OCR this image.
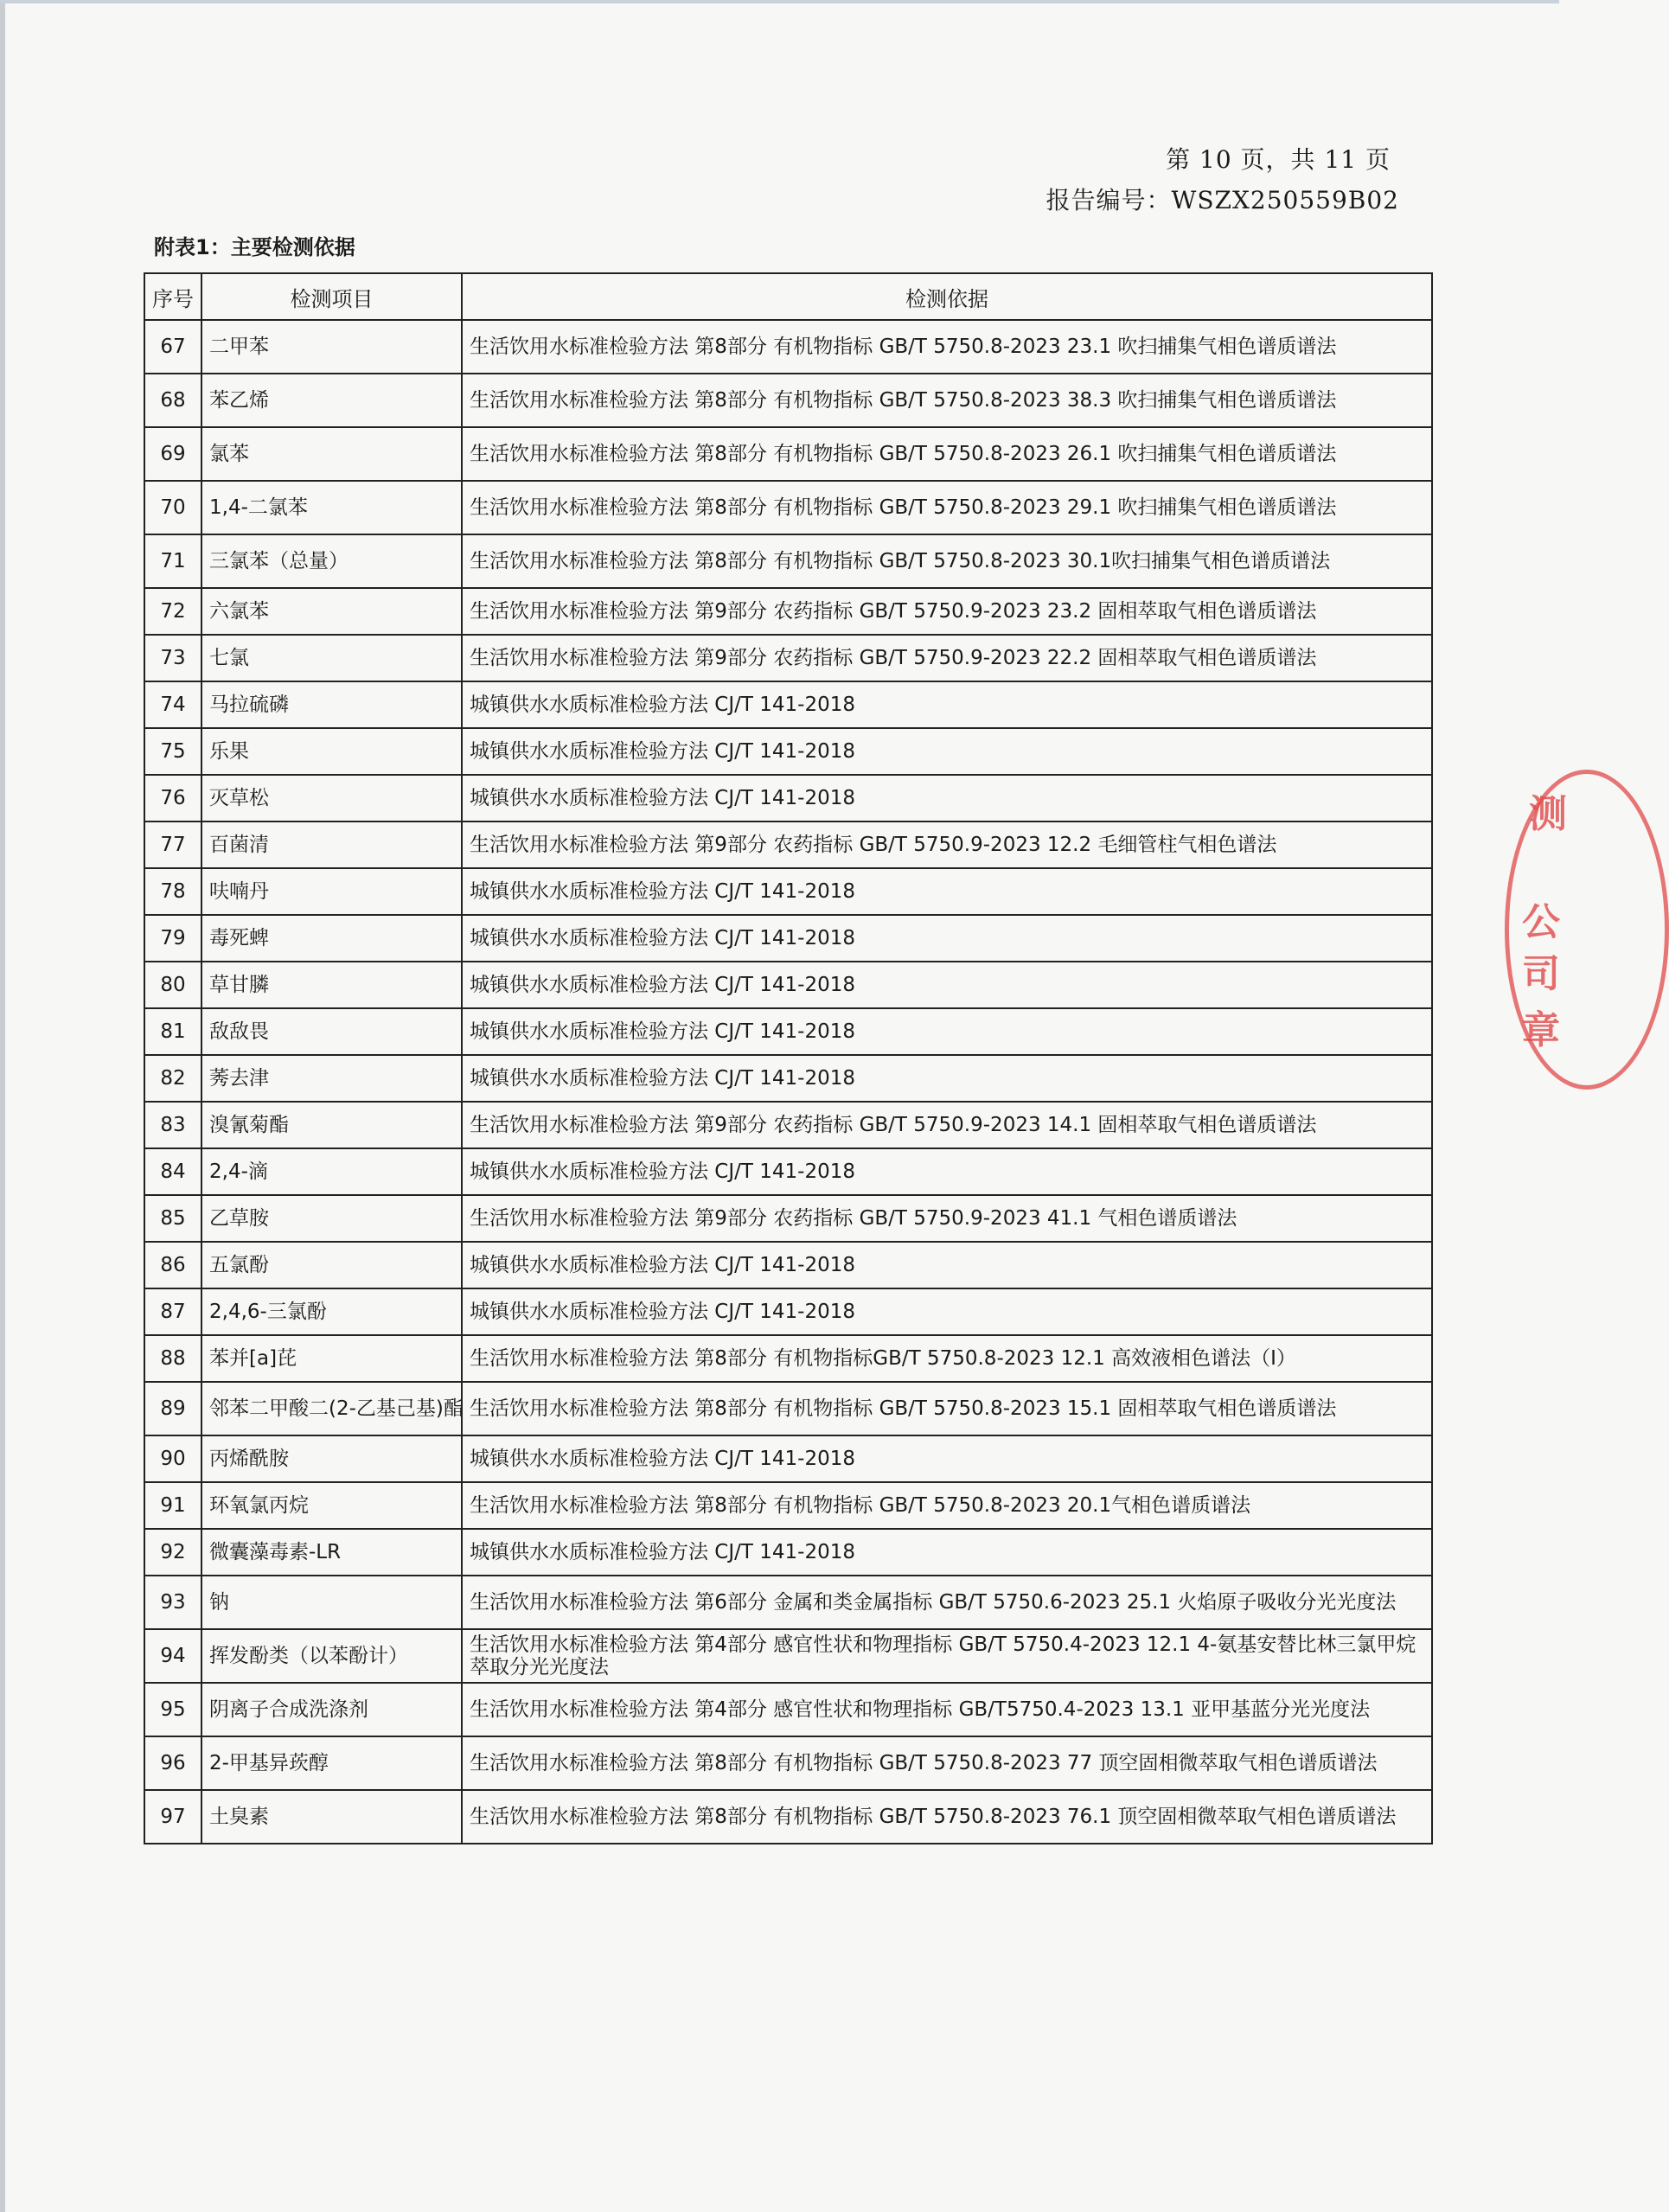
第 10 页，共 11 页
报告编号：WSZX250559B02
附表1：主要检测依据
序号	检测项目	检测依据
67	二甲苯	生活饮用水标准检验方法 第8部分 有机物指标 GB/T 5750.8-2023 23.1 吹扫捕集气相色谱质谱法
68	苯乙烯	生活饮用水标准检验方法 第8部分 有机物指标 GB/T 5750.8-2023 38.3 吹扫捕集气相色谱质谱法
69	氯苯	生活饮用水标准检验方法 第8部分 有机物指标 GB/T 5750.8-2023 26.1 吹扫捕集气相色谱质谱法
70	1,4-二氯苯	生活饮用水标准检验方法 第8部分 有机物指标 GB/T 5750.8-2023 29.1 吹扫捕集气相色谱质谱法
71	三氯苯（总量）	生活饮用水标准检验方法 第8部分 有机物指标 GB/T 5750.8-2023 30.1吹扫捕集气相色谱质谱法
72	六氯苯	生活饮用水标准检验方法 第9部分 农药指标 GB/T 5750.9-2023 23.2 固相萃取气相色谱质谱法
73	七氯	生活饮用水标准检验方法 第9部分 农药指标 GB/T 5750.9-2023 22.2 固相萃取气相色谱质谱法
74	马拉硫磷	城镇供水水质标准检验方法 CJ/T 141-2018
75	乐果	城镇供水水质标准检验方法 CJ/T 141-2018
76	灭草松	城镇供水水质标准检验方法 CJ/T 141-2018
77	百菌清	生活饮用水标准检验方法 第9部分 农药指标 GB/T 5750.9-2023 12.2 毛细管柱气相色谱法
78	呋喃丹	城镇供水水质标准检验方法 CJ/T 141-2018
79	毒死蜱	城镇供水水质标准检验方法 CJ/T 141-2018
80	草甘膦	城镇供水水质标准检验方法 CJ/T 141-2018
81	敌敌畏	城镇供水水质标准检验方法 CJ/T 141-2018
82	莠去津	城镇供水水质标准检验方法 CJ/T 141-2018
83	溴氰菊酯	生活饮用水标准检验方法 第9部分 农药指标 GB/T 5750.9-2023 14.1 固相萃取气相色谱质谱法
84	2,4-滴	城镇供水水质标准检验方法 CJ/T 141-2018
85	乙草胺	生活饮用水标准检验方法 第9部分 农药指标 GB/T 5750.9-2023 41.1 气相色谱质谱法
86	五氯酚	城镇供水水质标准检验方法 CJ/T 141-2018
87	2,4,6-三氯酚	城镇供水水质标准检验方法 CJ/T 141-2018
88	苯并[a]芘	生活饮用水标准检验方法 第8部分 有机物指标GB/T 5750.8-2023 12.1 高效液相色谱法（Ⅰ）
89	邻苯二甲酸二(2-乙基己基)酯	生活饮用水标准检验方法 第8部分 有机物指标 GB/T 5750.8-2023 15.1 固相萃取气相色谱质谱法
90	丙烯酰胺	城镇供水水质标准检验方法 CJ/T 141-2018
91	环氧氯丙烷	生活饮用水标准检验方法 第8部分 有机物指标 GB/T 5750.8-2023 20.1气相色谱质谱法
92	微囊藻毒素-LR	城镇供水水质标准检验方法 CJ/T 141-2018
93	钠	生活饮用水标准检验方法 第6部分 金属和类金属指标 GB/T 5750.6-2023 25.1 火焰原子吸收分光光度法
94	挥发酚类（以苯酚计）	生活饮用水标准检验方法 第4部分 感官性状和物理指标 GB/T 5750.4-2023 12.1 4-氨基安替比林三氯甲烷萃取分光光度法
95	阴离子合成洗涤剂	生活饮用水标准检验方法 第4部分 感官性状和物理指标 GB/T5750.4-2023 13.1 亚甲基蓝分光光度法
96	2-甲基异莰醇	生活饮用水标准检验方法 第8部分 有机物指标 GB/T 5750.8-2023 77 顶空固相微萃取气相色谱质谱法
97	土臭素	生活饮用水标准检验方法 第8部分 有机物指标 GB/T 5750.8-2023 76.1 顶空固相微萃取气相色谱质谱法
测
公
司
章
